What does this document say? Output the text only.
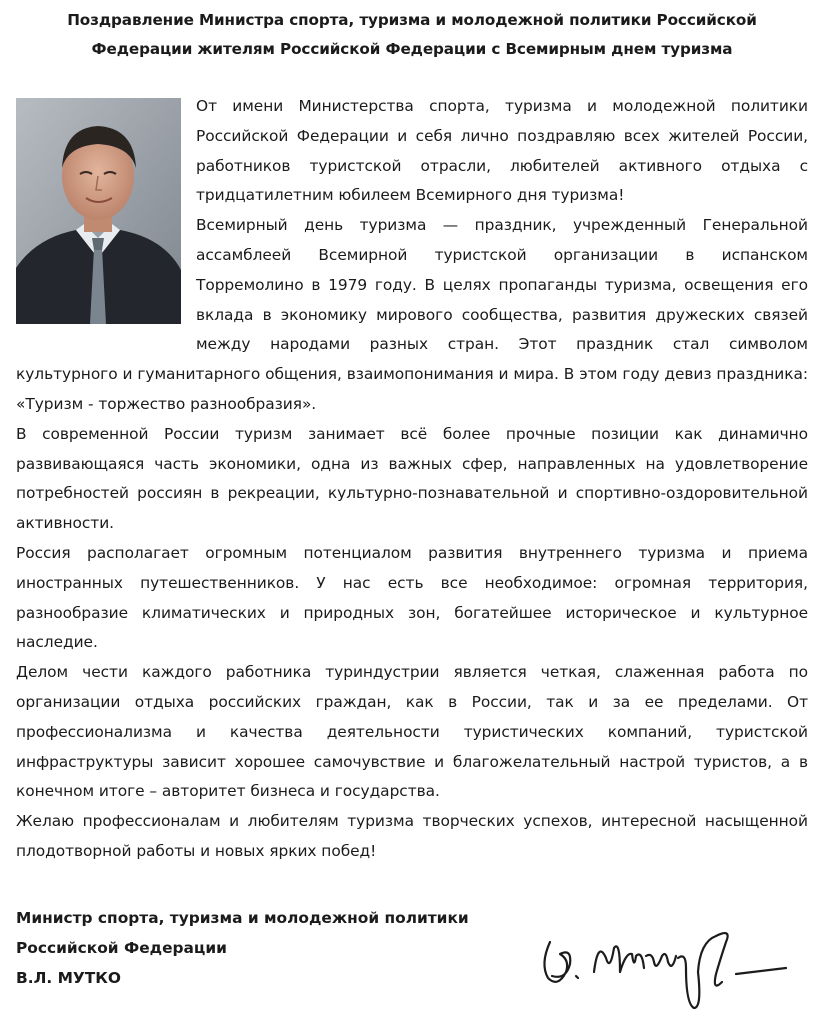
Поздравление Министра спорта, туризма и молодежной политики Российской
Федерации жителям Российской Федерации с Всемирным днем туризма

От имени Министерства спорта, туризма и молодежной политики Российской Федерации и себя лично поздравляю всех жителей России, работников туристской отрасли, любителей активного отдыха с тридцатилетним юбилеем Всемирного дня туризма!

Всемирный день туризма — праздник, учрежденный Генеральной ассамблеей Всемирной туристской организации в испанском Торремолино в 1979 году. В целях пропаганды туризма, освещения его вклада в экономику мирового сообщества, развития дружеских связей между народами разных стран. Этот праздник стал символом культурного и гуманитарного общения, взаимопонимания и мира. В этом году девиз праздника: «Туризм - торжество разнообразия».

В современной России туризм занимает всё более прочные позиции как динамично развивающаяся часть экономики, одна из важных сфер, направленных на удовлетворение потребностей россиян в рекреации, культурно-познавательной и спортивно-оздоровительной активности.

Россия располагает огромным потенциалом развития внутреннего туризма и приема иностранных путешественников. У нас есть все необходимое: огромная территория, разнообразие климатических и природных зон, богатейшее историческое и культурное наследие.

Делом чести каждого работника туриндустрии является четкая, слаженная работа по организации отдыха российских граждан, как в России, так и за ее пределами. От профессионализма и качества деятельности туристических компаний, туристской инфраструктуры зависит хорошее самочувствие и благожелательный настрой туристов, а в конечном итоге – авторитет бизнеса и государства.

Желаю профессионалам и любителям туризма творческих успехов, интересной насыщенной плодотворной работы и новых ярких побед!

Министр спорта, туризма и молодежной политики
Российской Федерации
В.Л. МУТКО
